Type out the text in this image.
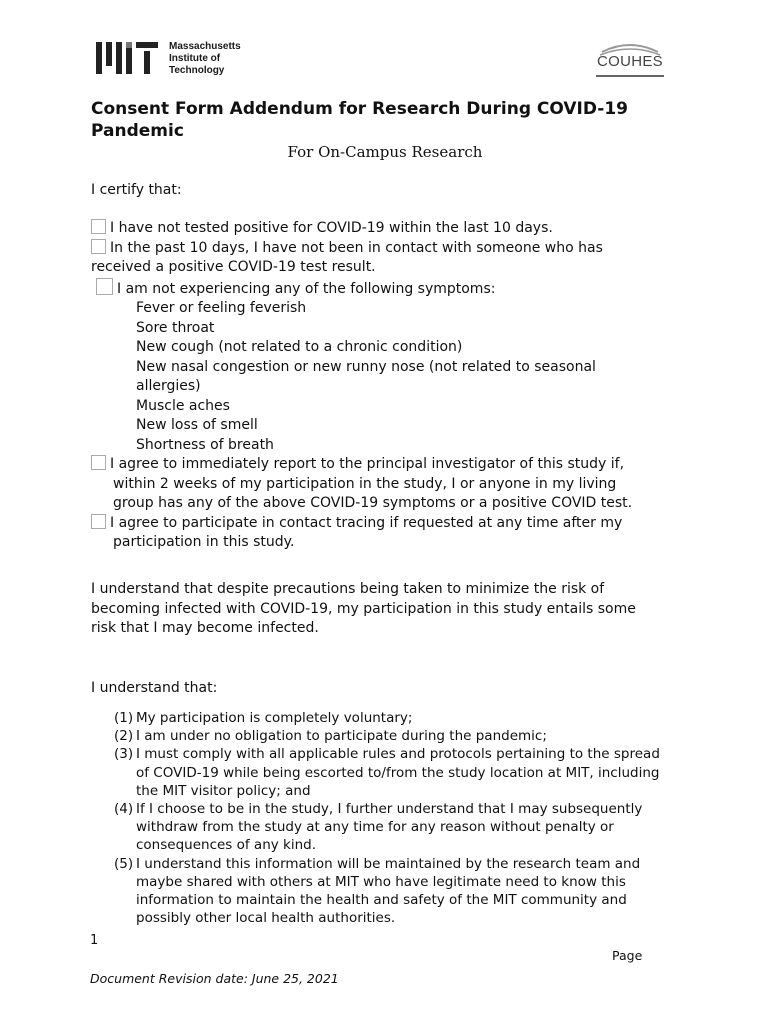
Massachusetts
Institute of
Technology
COUHES
Consent Form Addendum for Research During COVID-19 Pandemic
For On-Campus Research
I certify that:
I have not tested positive for COVID-19 within the last 10 days.
In the past 10 days, I have not been in contact with someone who has
received a positive COVID-19 test result.
I am not experiencing any of the following symptoms:
Fever or feeling feverish
Sore throat
New cough (not related to a chronic condition)
New nasal congestion or new runny nose (not related to seasonal
allergies)
Muscle aches
New loss of smell
Shortness of breath
I agree to immediately report to the principal investigator of this study if,
within 2 weeks of my participation in the study, I or anyone in my living
group has any of the above COVID-19 symptoms or a positive COVID test.
I agree to participate in contact tracing if requested at any time after my
participation in this study.
I understand that despite precautions being taken to minimize the risk of
becoming infected with COVID-19, my participation in this study entails some
risk that I may become infected.
I understand that:
(1) My participation is completely voluntary;
(2) I am under no obligation to participate during the pandemic;
(3) I must comply with all applicable rules and protocols pertaining to the spread of COVID-19 while being escorted to/from the study location at MIT, including the MIT visitor policy; and
(4) If I choose to be in the study, I further understand that I may subsequently withdraw from the study at any time for any reason without penalty or consequences of any kind.
(5) I understand this information will be maintained by the research team and maybe shared with others at MIT who have legitimate need to know this information to maintain the health and safety of the MIT community and possibly other local health authorities.
1
Page
Document Revision date: June 25, 2021
